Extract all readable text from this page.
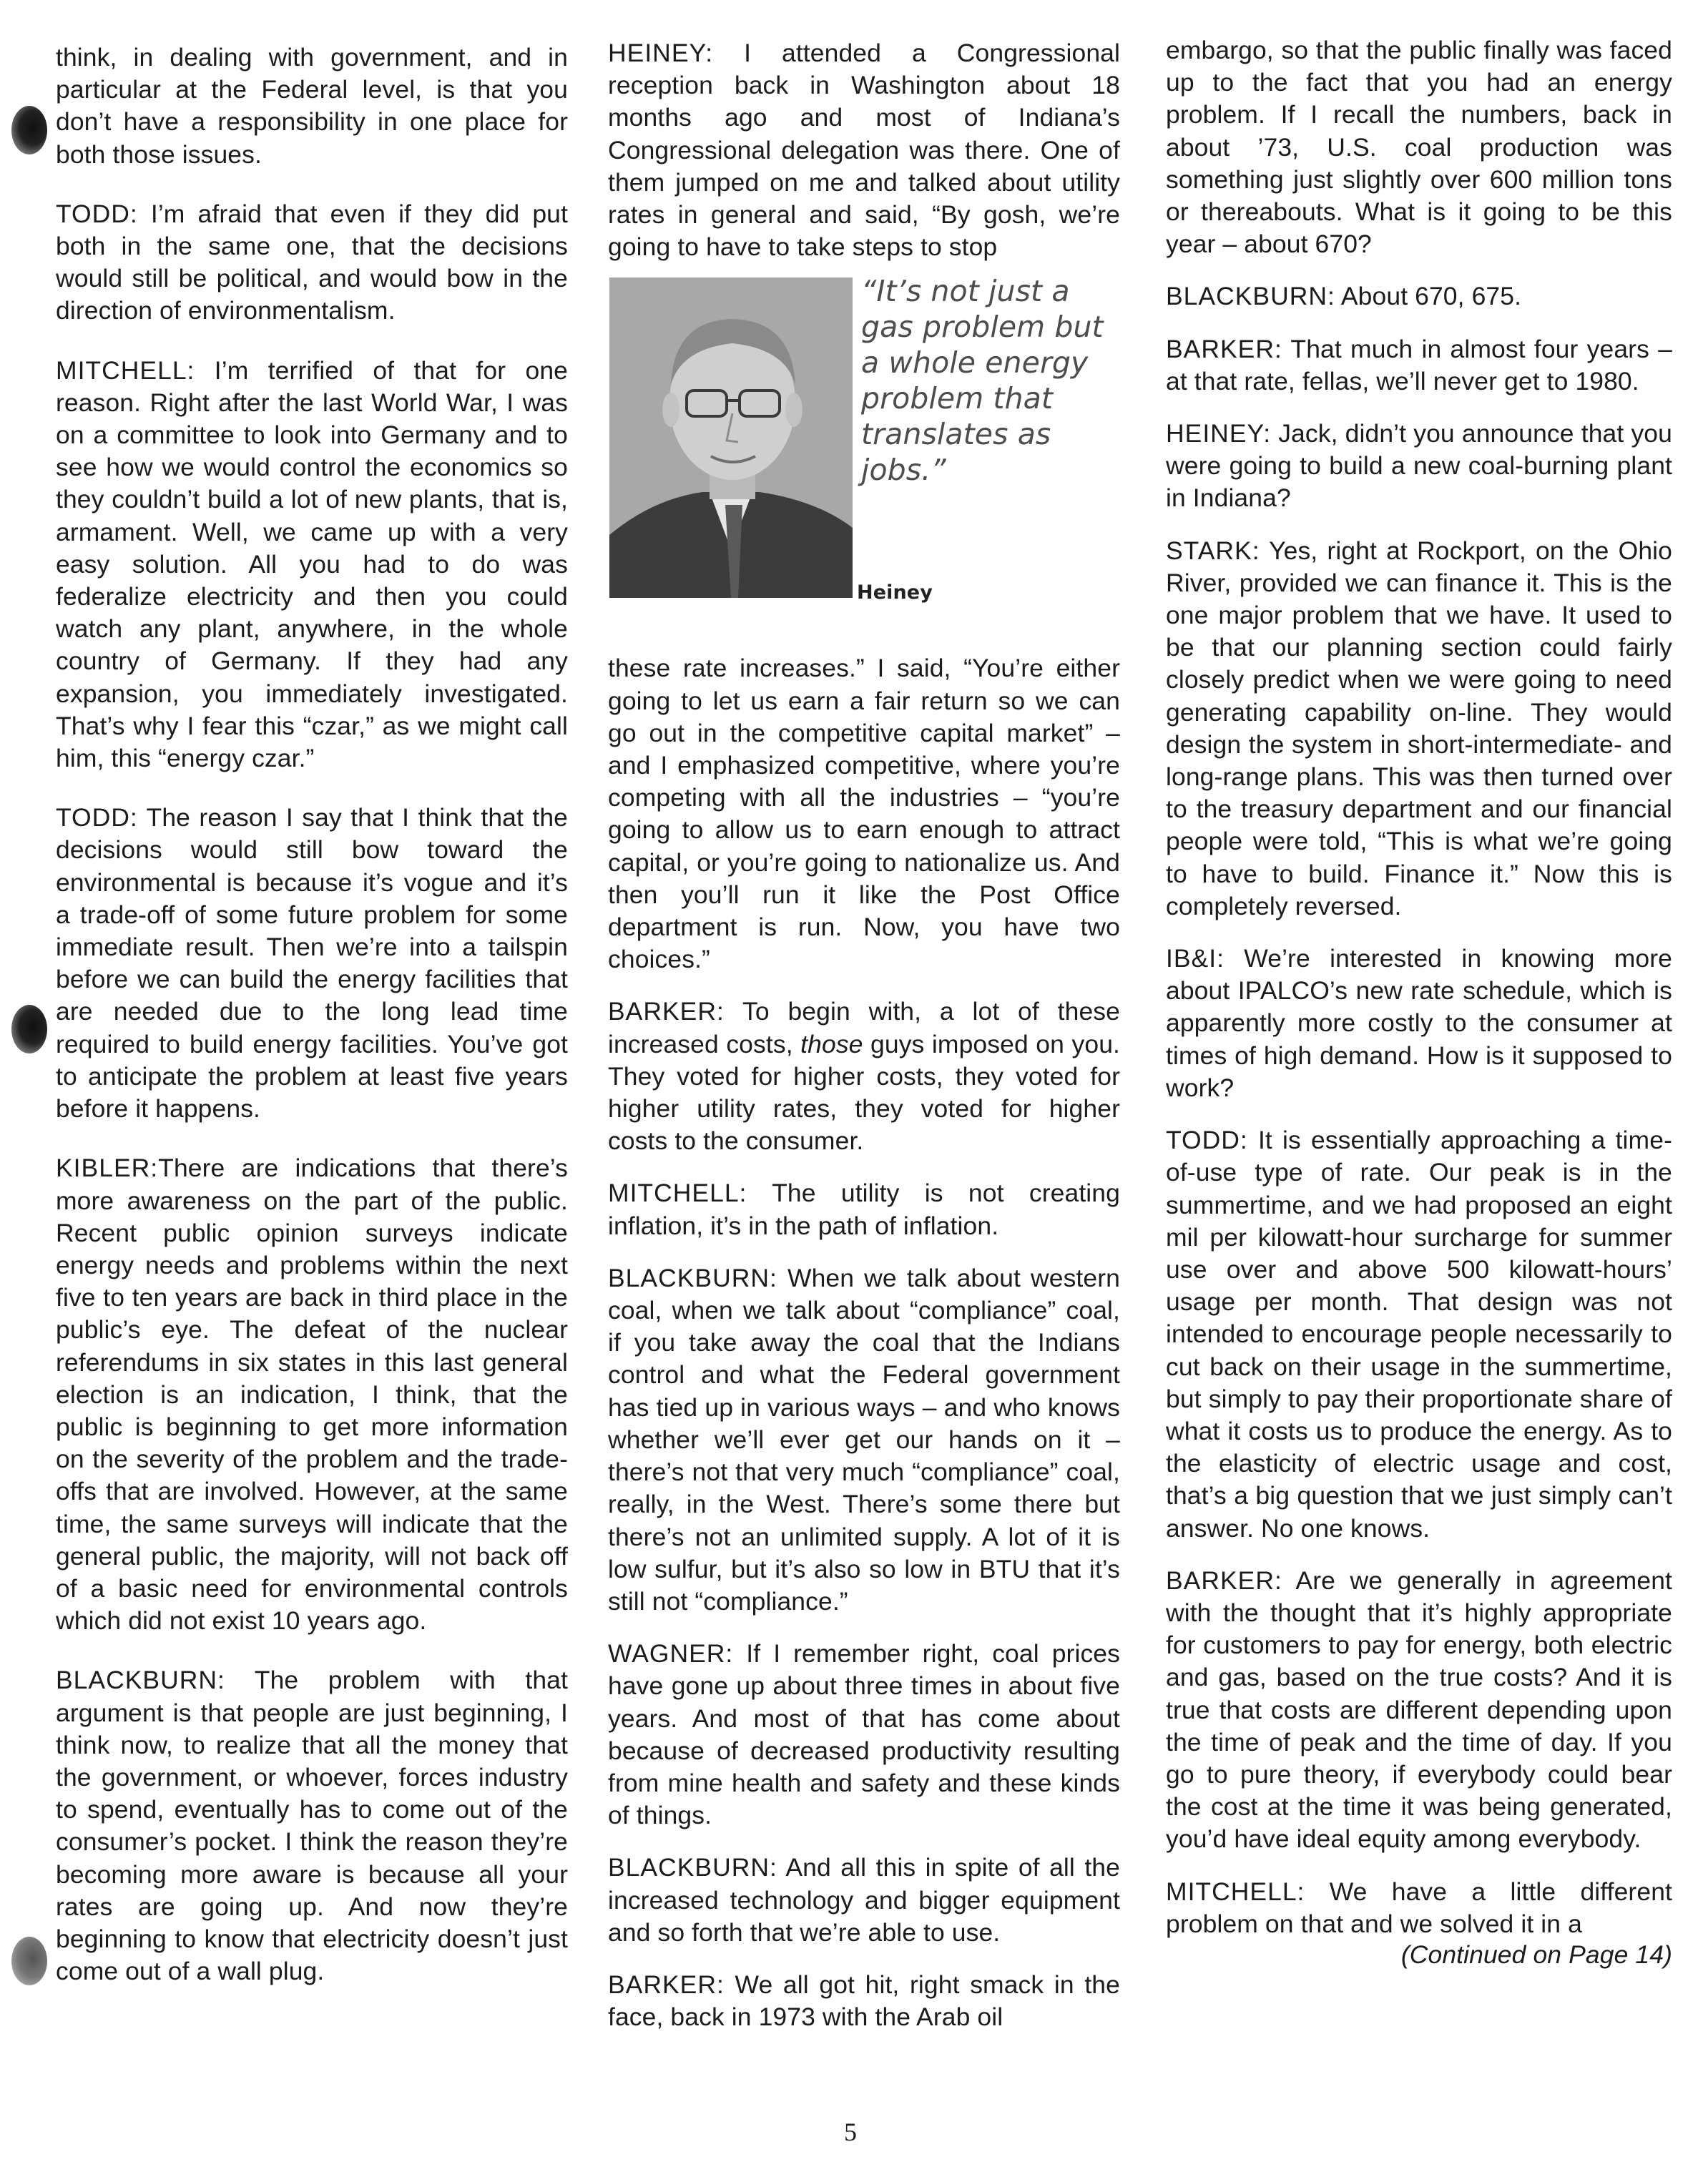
think, in dealing with government, and in particular at the Federal level, is that you don’t have a responsibility in one place for both those issues.

TODD: I’m afraid that even if they did put both in the same one, that the decisions would still be political, and would bow in the direction of environmentalism.

MITCHELL: I’m terrified of that for one reason. Right after the last World War, I was on a committee to look into Germany and to see how we would control the economics so they couldn’t build a lot of new plants, that is, armament. Well, we came up with a very easy solution. All you had to do was federalize electricity and then you could watch any plant, anywhere, in the whole country of Germany. If they had any expansion, you immediately investigated. That’s why I fear this “czar,” as we might call him, this “energy czar.”

TODD: The reason I say that I think that the decisions would still bow toward the environmental is because it’s vogue and it’s a trade-off of some future problem for some immediate result. Then we’re into a tailspin before we can build the energy facilities that are needed due to the long lead time required to build energy facilities. You’ve got to anticipate the problem at least five years before it happens.

KIBLER:There are indications that there’s more awareness on the part of the public. Recent public opinion surveys indicate energy needs and problems within the next five to ten years are back in third place in the public’s eye. The defeat of the nuclear referendums in six states in this last general election is an indication, I think, that the public is beginning to get more information on the severity of the problem and the trade-offs that are involved. However, at the same time, the same surveys will indicate that the general public, the majority, will not back off of a basic need for environmental controls which did not exist 10 years ago.

BLACKBURN: The problem with that argument is that people are just beginning, I think now, to realize that all the money that the government, or whoever, forces industry to spend, eventually has to come out of the consumer’s pocket. I think the reason they’re becoming more aware is because all your rates are going up. And now they’re beginning to know that electricity doesn’t just come out of a wall plug.

HEINEY: I attended a Congressional reception back in Washington about 18 months ago and most of Indiana’s Congressional delegation was there. One of them jumped on me and talked about utility rates in general and said, “By gosh, we’re going to have to take steps to stop

“It’s not just a gas problem but a whole energy problem that translates as jobs.”
Heiney

these rate increases.” I said, “You’re either going to let us earn a fair return so we can go out in the competitive capital market” – and I emphasized competitive, where you’re competing with all the industries – “you’re going to allow us to earn enough to attract capital, or you’re going to nationalize us. And then you’ll run it like the Post Office department is run. Now, you have two choices.”

BARKER: To begin with, a lot of these increased costs, those guys imposed on you. They voted for higher costs, they voted for higher utility rates, they voted for higher costs to the consumer.

MITCHELL: The utility is not creating inflation, it’s in the path of inflation.

BLACKBURN: When we talk about western coal, when we talk about “compliance” coal, if you take away the coal that the Indians control and what the Federal government has tied up in various ways – and who knows whether we’ll ever get our hands on it – there’s not that very much “compliance” coal, really, in the West. There’s some there but there’s not an unlimited supply. A lot of it is low sulfur, but it’s also so low in BTU that it’s still not “compliance.”

WAGNER: If I remember right, coal prices have gone up about three times in about five years. And most of that has come about because of decreased productivity resulting from mine health and safety and these kinds of things.

BLACKBURN: And all this in spite of all the increased technology and bigger equipment and so forth that we’re able to use.

BARKER: We all got hit, right smack in the face, back in 1973 with the Arab oil

embargo, so that the public finally was faced up to the fact that you had an energy problem. If I recall the numbers, back in about ’73, U.S. coal production was something just slightly over 600 million tons or thereabouts. What is it going to be this year – about 670?

BLACKBURN: About 670, 675.

BARKER: That much in almost four years – at that rate, fellas, we’ll never get to 1980.

HEINEY: Jack, didn’t you announce that you were going to build a new coal-burning plant in Indiana?

STARK: Yes, right at Rockport, on the Ohio River, provided we can finance it. This is the one major problem that we have. It used to be that our planning section could fairly closely predict when we were going to need generating capability on-line. They would design the system in short-intermediate- and long-range plans. This was then turned over to the treasury department and our financial people were told, “This is what we’re going to have to build. Finance it.” Now this is completely reversed.

IB&I: We’re interested in knowing more about IPALCO’s new rate schedule, which is apparently more costly to the consumer at times of high demand. How is it supposed to work?

TODD: It is essentially approaching a time-of-use type of rate. Our peak is in the summertime, and we had proposed an eight mil per kilowatt-hour surcharge for summer use over and above 500 kilowatt-hours’ usage per month. That design was not intended to encourage people necessarily to cut back on their usage in the summertime, but simply to pay their proportionate share of what it costs us to produce the energy. As to the elasticity of electric usage and cost, that’s a big question that we just simply can’t answer. No one knows.

BARKER: Are we generally in agreement with the thought that it’s highly appropriate for customers to pay for energy, both electric and gas, based on the true costs? And it is true that costs are different depending upon the time of peak and the time of day. If you go to pure theory, if everybody could bear the cost at the time it was being generated, you’d have ideal equity among everybody.

MITCHELL: We have a little different problem on that and we solved it in a
(Continued on Page 14)

5
